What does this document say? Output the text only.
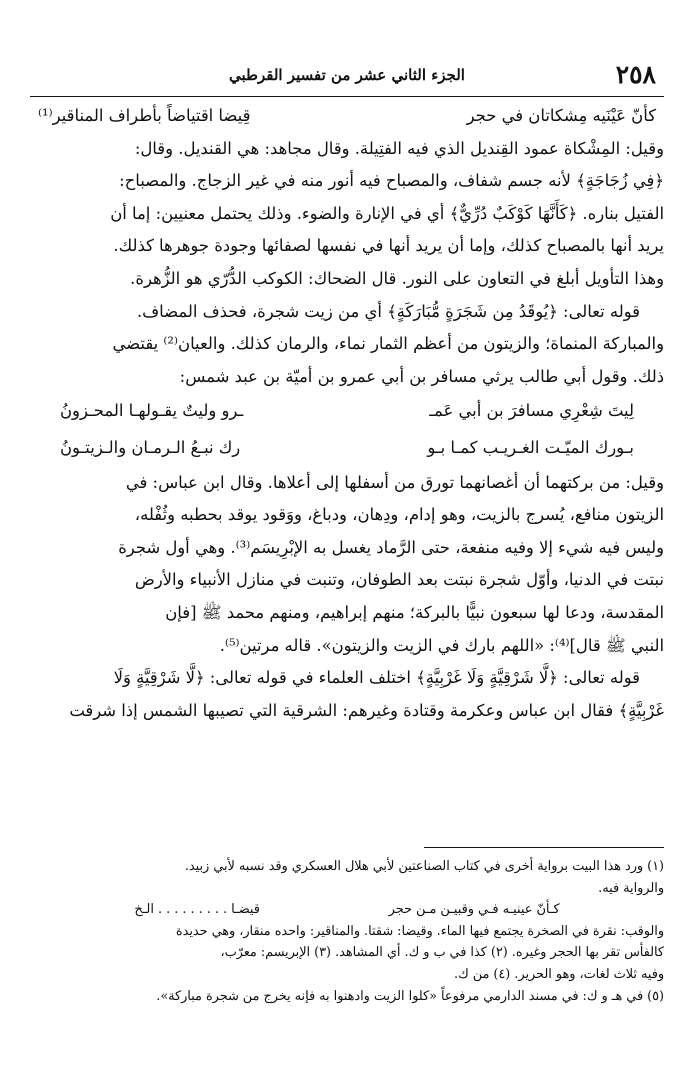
٢٥٨
الجزء الثاني عشر من تفسير القرطبي
كأنّ عَيْنَيه مِشكاتان في حجر
قِيضا اقتياضاً بأطراف المناقير⁽¹⁾

وقيل: المِشْكاة عمود القِنديل الذي فيه الفتِيلة. وقال مجاهد: هي القنديل. وقال:

﴿فِي زُجَاجَةٍ﴾ لأنه جسم شفاف، والمصباح فيه أنور منه في غير الزجاج. والمصباح:

الفتيل بناره. ﴿كَأَنَّهَا كَوْكَبٌ دُرِّيٌّ﴾ أي في الإنارة والضوء. وذلك يحتمل معنيين: إما أن

يريد أنها بالمصباح كذلك، وإما أن يريد أنها في نفسها لصفائها وجودة جوهرها كذلك.

وهذا التأويل أبلغ في التعاون على النور. قال الضحاك: الكوكب الدُّرّي هو الزُّهرة.

قوله تعالى: ﴿يُوقَدُ مِن شَجَرَةٍ مُّبَارَكَةٍ﴾ أي من زيت شجرة، فحذف المضاف.

والمباركة المنماة؛ والزيتون من أعظم الثمار نماء، والرمان كذلك. والعيان⁽²⁾ يقتضي

ذلك. وقول أبي طالب يرثي مسافر بن أبي عمرو بن أميّة بن عبد شمس:

لِيتَ شِعْرِي مسافرَ بن أبي عَمـ
ـرو وليتٌ يقـولهـا المحـزونُ
بـورك الميّـت الغـريـب كمـا بـو
رك نبـعُ الـرمـان والـزيتـونُ

وقيل: من بركتهما أن أغصانهما تورق من أسفلها إلى أعلاها. وقال ابن عباس: في

الزيتون منافع، يُسرج بالزيت، وهو إدام، ودِهان، ودباغ، ووَقود يوقد بحطبه وثُفْله،

وليس فيه شيء إلا وفيه منفعة، حتى الرَّماد يغسل به الإبْرِيسَم⁽³⁾. وهي أول شجرة

نبتت في الدنيا، وأوّل شجرة نبتت بعد الطوفان، وتنبت في منازل الأنبياء والأرض

المقدسة، ودعا لها سبعون نبيًّا بالبركة؛ منهم إبراهيم، ومنهم محمد ﷺ [فإن

النبي ﷺ قال]⁽⁴⁾: «اللهم بارك في الزيت والزيتون». قاله مرتين⁽⁵⁾.

قوله تعالى: ﴿لَّا شَرْقِيَّةٍ وَلَا غَرْبِيَّةٍ﴾ اختلف العلماء في قوله تعالى: ﴿لَّا شَرْقِيَّةٍ وَلَا

غَرْبِيَّةٍ﴾ فقال ابن عباس وعكرمة وقتادة وغيرهم: الشرقية التي تصيبها الشمس إذا شرقت

(١) ورد هذا البيت برواية أخرى في كتاب الصناعتين لأبي هلال العسكري وقد نسبه لأبي زبيد.

والرواية فيه.

كـأنّ عينيـه فـي وقبيـن مـن حجر
قيضـا . . . . . . . . . الـخ

والوقب: نقرة في الصخرة يجتمع فيها الماء. وقيضا: شقتا. والمناقير: واحده منقار، وهي حديدة

كالفأس تقر بها الحجر وغيره. (٢) كذا في ب و ك. أي المشاهد. (٣) الإبريسم: معرّب،

وفيه ثلاث لغات، وهو الحرير. (٤) من ك.

(٥) في هـ و ك: في مسند الدارمي مرفوعاً «كلوا الزيت وادهنوا به فإنه يخرج من شجرة مباركة».
